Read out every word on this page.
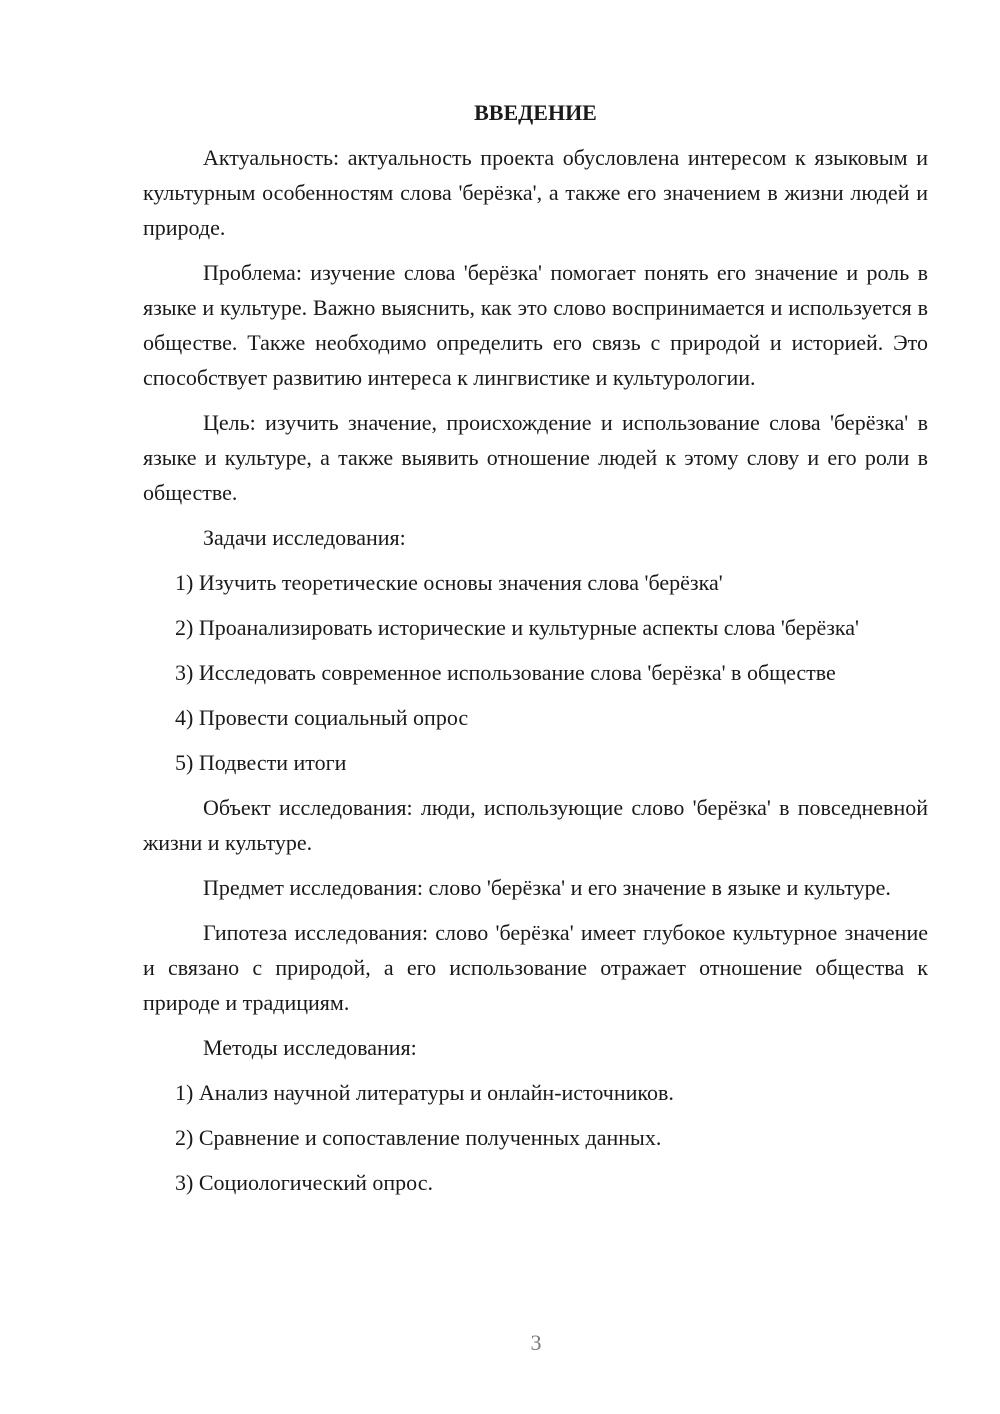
ВВЕДЕНИЕ

Актуальность: актуальность проекта обусловлена интересом к языковым и культурным особенностям слова 'берёзка', а также его значением в жизни людей и природе.

Проблема: изучение слова 'берёзка' помогает понять его значение и роль в языке и культуре. Важно выяснить, как это слово воспринимается и используется в обществе. Также необходимо определить его связь с природой и историей. Это способствует развитию интереса к лингвистике и культурологии.

Цель: изучить значение, происхождение и использование слова 'берёзка' в языке и культуре, а также выявить отношение людей к этому слову и его роли в обществе.

Задачи исследования:

1) Изучить теоретические основы значения слова 'берёзка'

2) Проанализировать исторические и культурные аспекты слова 'берёзка'

3) Исследовать современное использование слова 'берёзка' в обществе

4) Провести социальный опрос

5) Подвести итоги

Объект исследования: люди, использующие слово 'берёзка' в повседневной жизни и культуре.

Предмет исследования: слово 'берёзка' и его значение в языке и культуре.

Гипотеза исследования: слово 'берёзка' имеет глубокое культурное значение и связано с природой, а его использование отражает отношение общества к природе и традициям.

Методы исследования:

1) Анализ научной литературы и онлайн-источников.

2) Сравнение и сопоставление полученных данных.

3) Социологический опрос.

3
